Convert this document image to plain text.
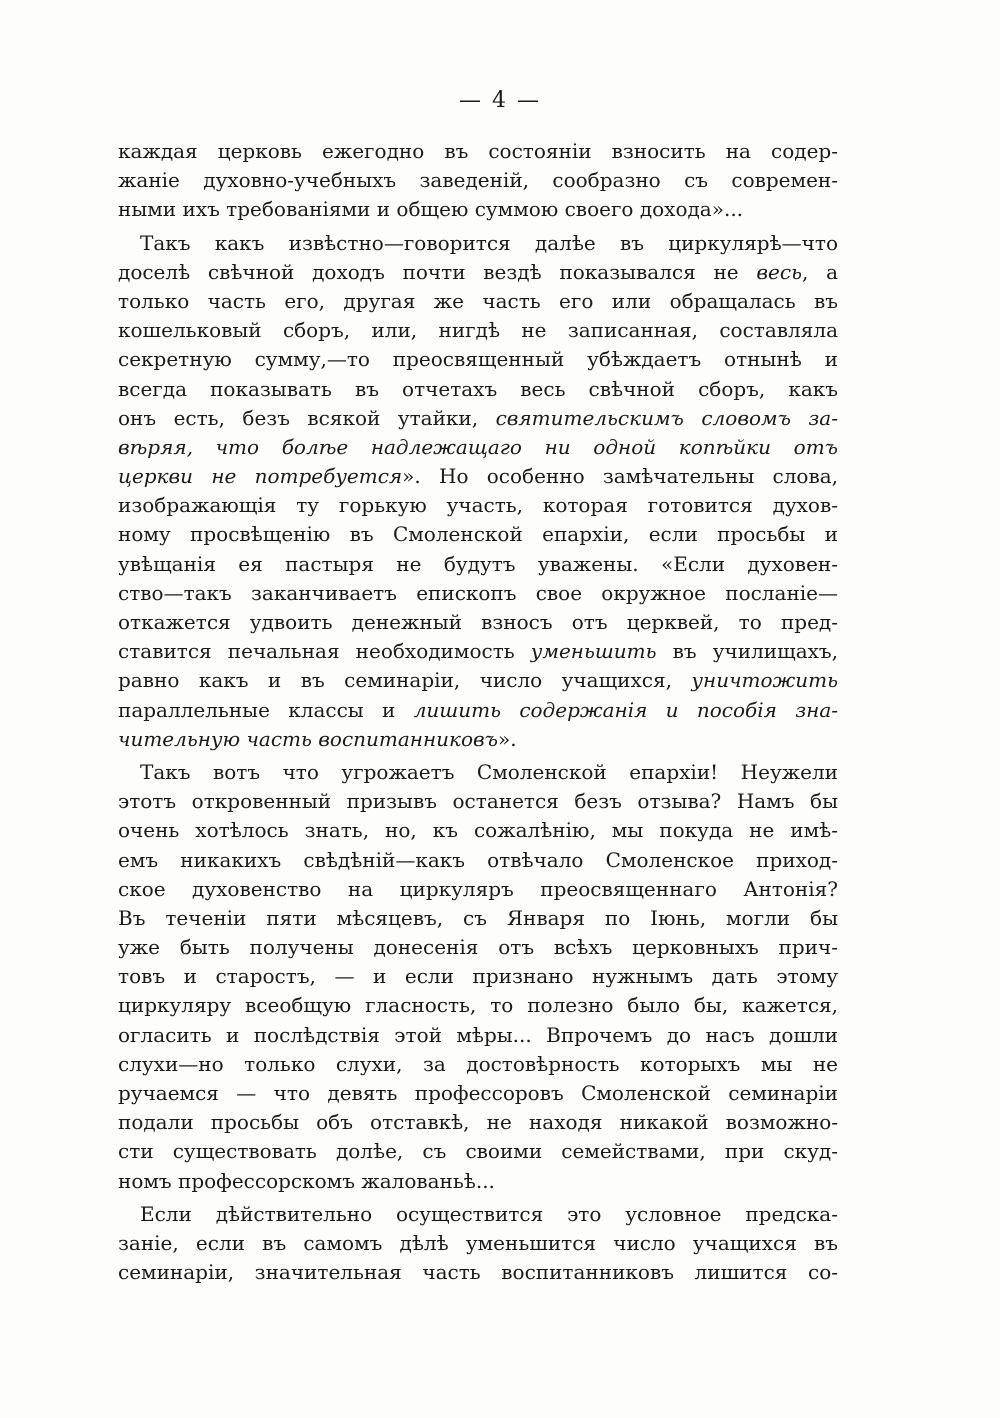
— 4 —
каждая церковь ежегодно въ состоянiи взносить на содер-
жанiе духовно-учебныхъ заведенiй, сообразно съ современ-
ными ихъ требованiями и общею суммою своего дохода»...
Такъ какъ извѣстно—говорится далѣе въ циркулярѣ—что
доселѣ свѣчной доходъ почти вездѣ показывался не весь, а
только часть его, другая же часть его или обращалась въ
кошельковый сборъ, или, нигдѣ не записанная, составляла
секретную сумму,—то преосвященный убѣждаетъ отнынѣ и
всегда показывать въ отчетахъ весь свѣчной сборъ, какъ
онъ есть, безъ всякой утайки, святительскимъ словомъ за-
вѣряя, что болѣе надлежащаго ни одной копѣйки отъ
церкви не потребуется». Но особенно замѣчательны слова,
изображающiя ту горькую участь, которая готовится духов-
ному просвѣщенiю въ Смоленской епархiи, если просьбы и
увѣщанiя ея пастыря не будутъ уважены. «Если духовен-
ство—такъ заканчиваетъ епископъ свое окружное посланiе—
откажется удвоить денежный взносъ отъ церквей, то пред-
ставится печальная необходимость уменьшить въ училищахъ,
равно какъ и въ семинарiи, число учащихся, уничтожить
параллельные классы и лишить содержанiя и пособiя зна-
чительную часть воспитанниковъ».
Такъ вотъ что угрожаетъ Смоленской епархiи! Неужели
этотъ откровенный призывъ останется безъ отзыва? Намъ бы
очень хотѣлось знать, но, къ сожалѣнiю, мы покуда не имѣ-
емъ никакихъ свѣдѣнiй—какъ отвѣчало Смоленское приход-
ское духовенство на циркуляръ преосвященнаго Антонiя?
Въ теченiи пяти мѣсяцевъ, съ Января по Iюнь, могли бы
уже быть получены донесенiя отъ всѣхъ церковныхъ прич-
товъ и старостъ, — и если признано нужнымъ дать этому
циркуляру всеобщую гласность, то полезно было бы, кажется,
огласить и послѣдствiя этой мѣры... Впрочемъ до насъ дошли
слухи—но только слухи, за достовѣрность которыхъ мы не
ручаемся — что девять профессоровъ Смоленской семинарiи
подали просьбы объ отставкѣ, не находя никакой возможно-
сти существовать долѣе, съ своими семействами, при скуд-
номъ профессорскомъ жалованьѣ...
Если дѣйствительно осуществится это условное предска-
занiе, если въ самомъ дѣлѣ уменьшится число учащихся въ
семинарiи, значительная часть воспитанниковъ лишится со-
